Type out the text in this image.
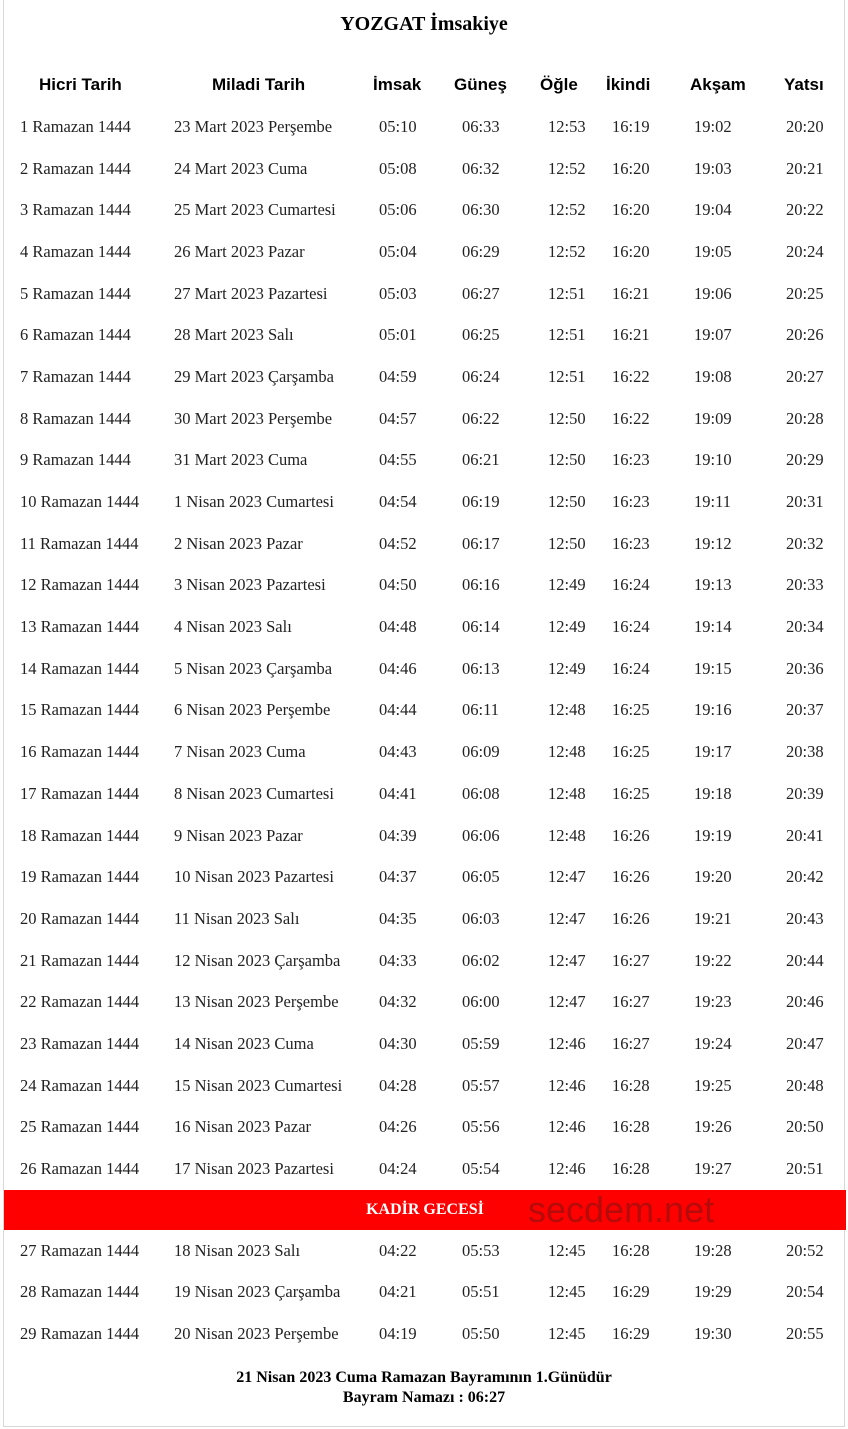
YOZGAT İmsakiye
Hicri Tarih	Miladi Tarih	İmsak	Güneş	Öğle	İkindi	Akşam	Yatsı
1 Ramazan 1444	23 Mart 2023 Perşembe	05:10	06:33	12:53	16:19	19:02	20:20
2 Ramazan 1444	24 Mart 2023 Cuma	05:08	06:32	12:52	16:20	19:03	20:21
3 Ramazan 1444	25 Mart 2023 Cumartesi	05:06	06:30	12:52	16:20	19:04	20:22
4 Ramazan 1444	26 Mart 2023 Pazar	05:04	06:29	12:52	16:20	19:05	20:24
5 Ramazan 1444	27 Mart 2023 Pazartesi	05:03	06:27	12:51	16:21	19:06	20:25
6 Ramazan 1444	28 Mart 2023 Salı	05:01	06:25	12:51	16:21	19:07	20:26
7 Ramazan 1444	29 Mart 2023 Çarşamba	04:59	06:24	12:51	16:22	19:08	20:27
8 Ramazan 1444	30 Mart 2023 Perşembe	04:57	06:22	12:50	16:22	19:09	20:28
9 Ramazan 1444	31 Mart 2023 Cuma	04:55	06:21	12:50	16:23	19:10	20:29
10 Ramazan 1444	1 Nisan 2023 Cumartesi	04:54	06:19	12:50	16:23	19:11	20:31
11 Ramazan 1444	2 Nisan 2023 Pazar	04:52	06:17	12:50	16:23	19:12	20:32
12 Ramazan 1444	3 Nisan 2023 Pazartesi	04:50	06:16	12:49	16:24	19:13	20:33
13 Ramazan 1444	4 Nisan 2023 Salı	04:48	06:14	12:49	16:24	19:14	20:34
14 Ramazan 1444	5 Nisan 2023 Çarşamba	04:46	06:13	12:49	16:24	19:15	20:36
15 Ramazan 1444	6 Nisan 2023 Perşembe	04:44	06:11	12:48	16:25	19:16	20:37
16 Ramazan 1444	7 Nisan 2023 Cuma	04:43	06:09	12:48	16:25	19:17	20:38
17 Ramazan 1444	8 Nisan 2023 Cumartesi	04:41	06:08	12:48	16:25	19:18	20:39
18 Ramazan 1444	9 Nisan 2023 Pazar	04:39	06:06	12:48	16:26	19:19	20:41
19 Ramazan 1444	10 Nisan 2023 Pazartesi	04:37	06:05	12:47	16:26	19:20	20:42
20 Ramazan 1444	11 Nisan 2023 Salı	04:35	06:03	12:47	16:26	19:21	20:43
21 Ramazan 1444	12 Nisan 2023 Çarşamba	04:33	06:02	12:47	16:27	19:22	20:44
22 Ramazan 1444	13 Nisan 2023 Perşembe	04:32	06:00	12:47	16:27	19:23	20:46
23 Ramazan 1444	14 Nisan 2023 Cuma	04:30	05:59	12:46	16:27	19:24	20:47
24 Ramazan 1444	15 Nisan 2023 Cumartesi	04:28	05:57	12:46	16:28	19:25	20:48
25 Ramazan 1444	16 Nisan 2023 Pazar	04:26	05:56	12:46	16:28	19:26	20:50
26 Ramazan 1444	17 Nisan 2023 Pazartesi	04:24	05:54	12:46	16:28	19:27	20:51

KADİR GECESİ secdem.net							

27 Ramazan 1444	18 Nisan 2023 Salı	04:22	05:53	12:45	16:28	19:28	20:52
28 Ramazan 1444	19 Nisan 2023 Çarşamba	04:21	05:51	12:45	16:29	19:29	20:54
29 Ramazan 1444	20 Nisan 2023 Perşembe	04:19	05:50	12:45	16:29	19:30	20:55
21 Nisan 2023 Cuma Ramazan Bayramının 1.Günüdür
Bayram Namazı : 06:27
